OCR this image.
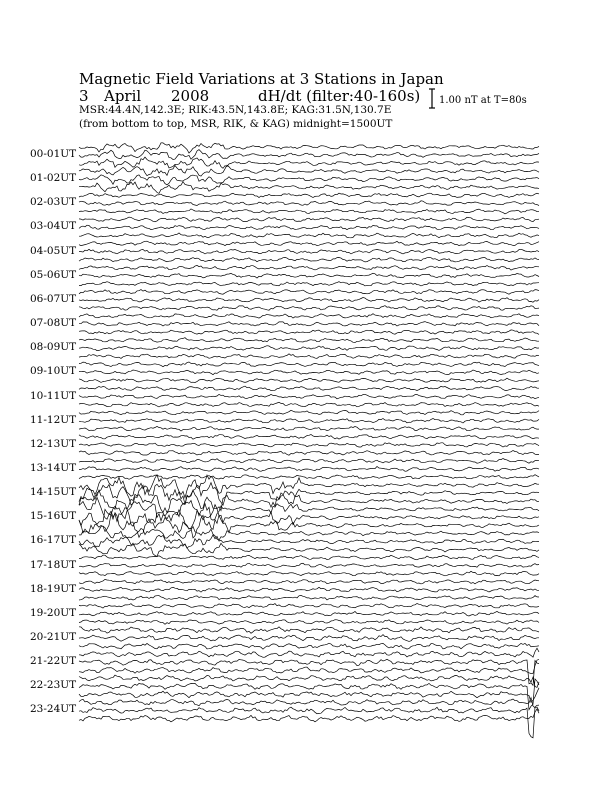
Magnetic Field Variations at 3 Stations in Japan
3 April 2008	dH/dt (filter:40-160s)
MSR:44.4N,142.3E; RIK:43.5N,143.8E; KAG:31.5N,130.7E
(from bottom to top, MSR, RIK, & KAG) midnight=1500UT
1.00 nT at T=80s
00-01UT
01-02UT
02-03UT
03-04UT
04-05UT
05-06UT
06-07UT
07-08UT
08-09UT
09-10UT
10-11UT
11-12UT
12-13UT
13-14UT
14-15UT
15-16UT
16-17UT
17-18UT
18-19UT
19-20UT
20-21UT
21-22UT
22-23UT
23-24UT
